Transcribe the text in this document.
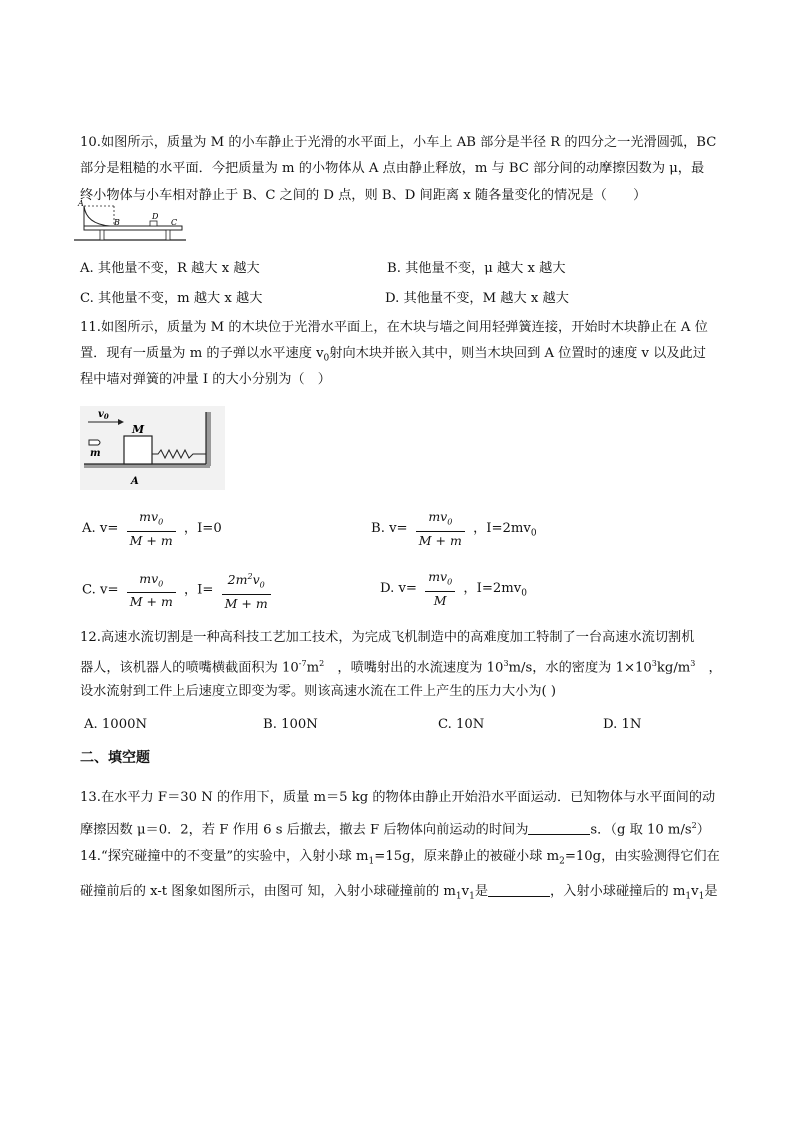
10.如图所示，质量为 M 的小车静止于光滑的水平面上，小车上 AB 部分是半径 R 的四分之一光滑圆弧，BC
部分是粗糙的水平面．今把质量为 m 的小物体从 A 点由静止释放，m 与 BC 部分间的动摩擦因数为 μ，最
终小物体与小车相对静止于 B、C 之间的 D 点，则 B、D 间距离 x 随各量变化的情况是（　　）
A
B
D
C
A. 其他量不变，R 越大 x 越大	B. 其他量不变，μ 越大 x 越大
C. 其他量不变，m 越大 x 越大	D. 其他量不变，M 越大 x 越大
11.如图所示，质量为 M 的木块位于光滑水平面上，在木块与墙之间用轻弹簧连接，开始时木块静止在 A 位
置．现有一质量为 m 的子弹以水平速度 $v_0$射向木块并嵌入其中，则当木块回到 A 位置时的速度 v 以及此过
程中墙对弹簧的冲量 I 的大小分别为（　）
$v_0$
M
m
A
A. $v= \frac{mv_0}{M + m}$ ，I=0	B. $v= \frac{mv_0}{M + m}$ ，$I=2mv_0$
C. $v= \frac{mv_0}{M + m}$ ，$I= \frac{2m^2v_0}{M + m}$	D. $v= \frac{mv_0}{M}$ ，$I=2mv_0$
12.高速水流切割是一种高科技工艺加工技术，为完成飞机制造中的高难度加工特制了一台高速水流切割机
器人，该机器人的喷嘴横截面积为 $10^{-7}m^2$　，喷嘴射出的水流速度为 $10^3m/s$，水的密度为 $1\times 10^3kg/m^3$　，
设水流射到工件上后速度立即变为零。则该高速水流在工件上产生的压力大小为( )
A. 1000N	B. 100N	C. 10N	D. 1N
二、填空题
13.在水平力 F＝30 N 的作用下，质量 m＝5 kg 的物体由静止开始沿水平面运动．已知物体与水平面间的动
摩擦因数 μ＝0．2，若 F 作用 6 s 后撤去，撤去 F 后物体向前运动的时间为	s．（g 取 10 $m/s^2$）
14.“探究碰撞中的不变量”的实验中，入射小球 $m_1=15g$，原来静止的被碰小球 $m_2=10g$，由实验测得它们在
碰撞前后的 x-t 图象如图所示，由图可 知，入射小球碰撞前的 $m_1v_1$是	，入射小球碰撞后的 $m_1v_1$是
